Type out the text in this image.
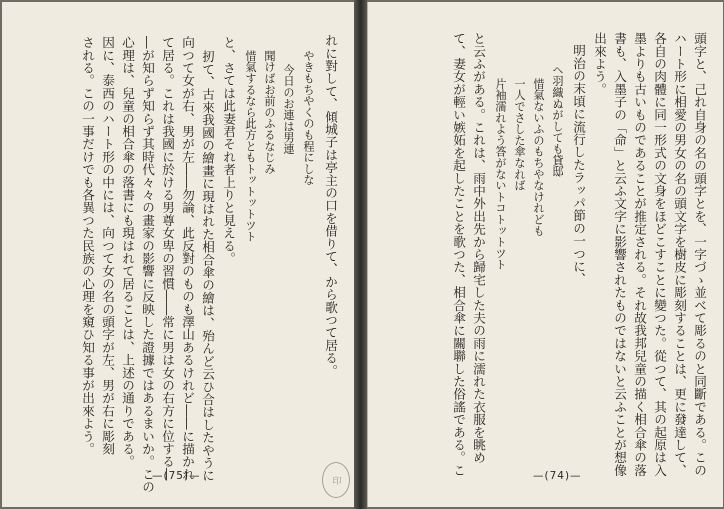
れに對して、傾城子は亭主の口を借りて、から歌つて居る。
やきもちやくのも程にしな
今日のお連は男連
聞けばお前のふるなじみ
惜氣するなら此方ともトットットツト
と、さては此妻君それ者上りと見える。
扨て、古來我國の繪畫に現はれた相合傘の繪は、殆んど云ひ合はしたやうに
向つて女が右、男が左――勿論、此反對のものも澤山あるけれど――に描かれ
て居る。これは我國に於ける男尊女卑の習慣――常に男は女の右方に位する―
―が知らず知らず其時代々々の畫家の影響に反映した證據ではあるまいか。この
心理は、兒童の相合傘の落書にも現はれて居ることは、上述の通りである。
因に、泰西のハート形の中には、向つて女の名の頭字が左、男が右に彫刻
される。この一事だけでも各異つた民族の心理を窺ひ知る事が出來よう。
—(75)—	印
頭字と、己れ自身の名の頭字とを、一字づゝ並べて彫るのと同斷である。この
ハート形に相愛の男女の名の頭文字を樹皮に彫刻することは、更に發達して、
各自の肉體に同一形式の文身をほどこすことに變つた。從つて、其の起原は入
墨よりも古いものであることが推定される。それ故我邦兒童の描く相合傘の落
書も、入墨子の「命」と云ふ文字に影響されたものではないと云ふことが想像
出來よう。
明治の末頃に流行したラッパ節の一つに、
ヘ羽織ぬがしても貸邸
惜氣ないふのもちやなけれども
一人でさした傘なれば
片袖濡れよう答がないトコトットツト
と云ふがある。これは、雨中外出先から歸宅した夫の雨に濡れた衣服を眺め
て、妻女が輕い嫉妬を起したことを歌つた、相合傘に關聯した俗謠である。こ	—(74)—
